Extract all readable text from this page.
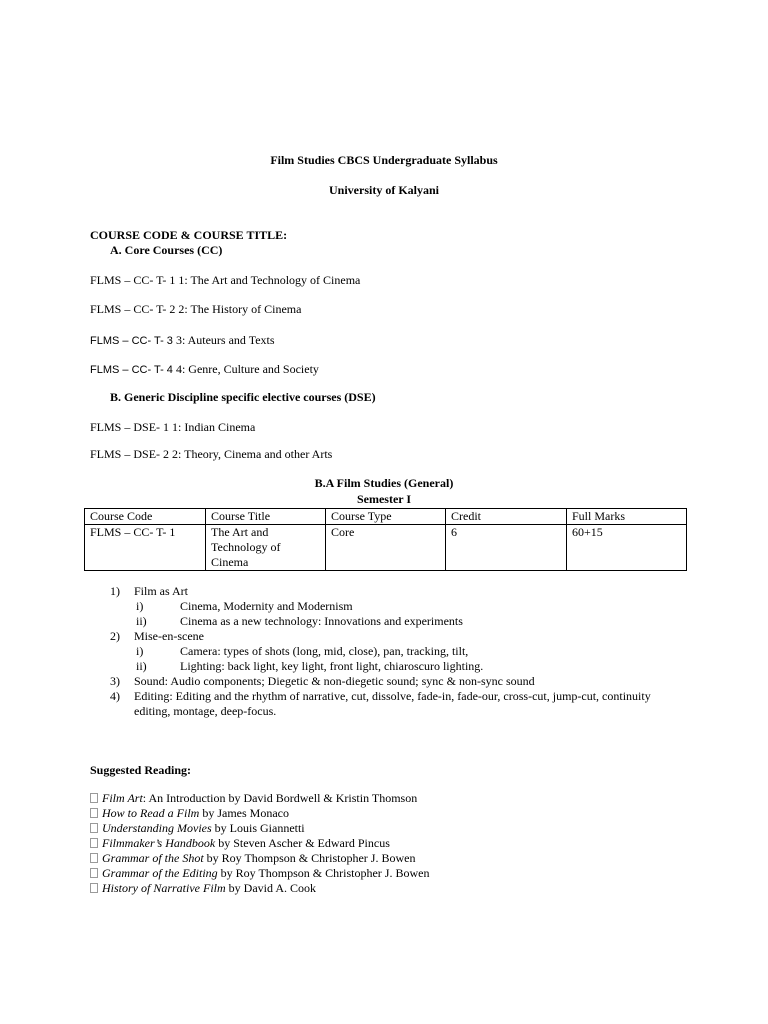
Film Studies CBCS Undergraduate Syllabus
University of Kalyani
COURSE CODE & COURSE TITLE:
A. Core Courses (CC)
FLMS – CC- T- 1 1: The Art and Technology of Cinema
FLMS – CC- T- 2 2: The History of Cinema
FLMS – CC- T- 3 3: Auteurs and Texts
FLMS – CC- T- 4 4: Genre, Culture and Society
B. Generic Discipline specific elective courses (DSE)
FLMS – DSE- 1 1: Indian Cinema
FLMS – DSE- 2 2: Theory, Cinema and other Arts
B.A Film Studies (General)
Semester I
Course Code	Course Title	Course Type	Credit	Full Marks
FLMS – CC- T- 1	The Art and
Technology of
Cinema	Core	6	60+15
1) Film as Art
i)	Cinema, Modernity and Modernism
ii)	Cinema as a new technology: Innovations and experiments
2) Mise-en-scene
i)	Camera: types of shots (long, mid, close), pan, tracking, tilt,
ii)	Lighting: back light, key light, front light, chiaroscuro lighting.
3) Sound: Audio components; Diegetic & non-diegetic sound; sync & non-sync sound
4) Editing: Editing and the rhythm of narrative, cut, dissolve, fade-in, fade-our, cross-cut, jump-cut, continuity
editing, montage, deep-focus.
Suggested Reading:
Film Art: An Introduction by David Bordwell & Kristin Thomson
How to Read a Film by James Monaco
Understanding Movies by Louis Giannetti
Filmmaker’s Handbook by Steven Ascher & Edward Pincus
Grammar of the Shot by Roy Thompson & Christopher J. Bowen
Grammar of the Editing by Roy Thompson & Christopher J. Bowen
History of Narrative Film by David A. Cook
